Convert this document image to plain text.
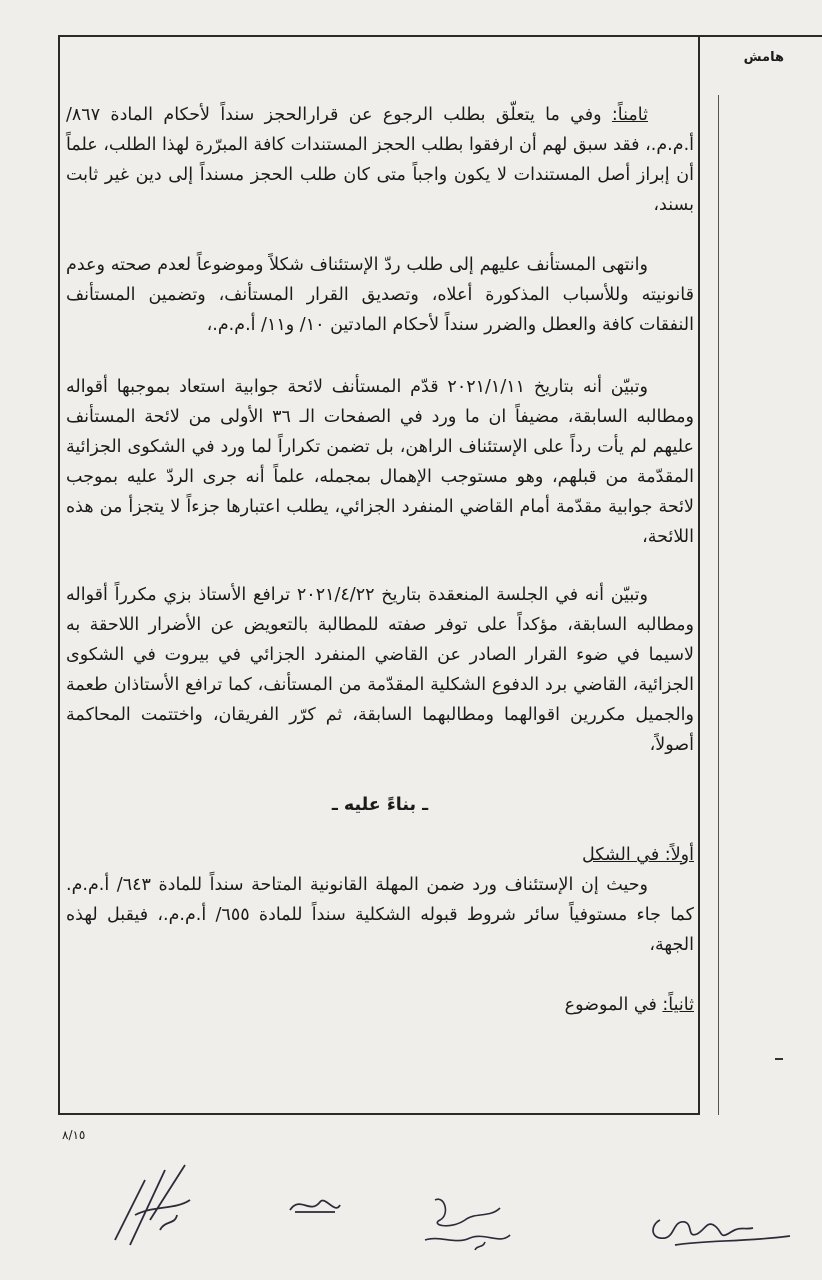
هامش

ثامناً: وفي ما يتعلّق بطلب الرجوع عن قرارالحجز سنداً لأحكام المادة ٨٦٧/ أ.م.م.، فقد سبق لهم أن ارفقوا بطلب الحجز المستندات كافة المبرّرة لهذا الطلب، علماً أن إبراز أصل المستندات لا يكون واجباً متى كان طلب الحجز مسنداً إلى دين غير ثابت بسند،

وانتهى المستأنف عليهم إلى طلب ردّ الإستئناف شكلاً وموضوعاً لعدم صحته وعدم قانونيته وللأسباب المذكورة أعلاه، وتصديق القرار المستأنف، وتضمين المستأنف النفقات كافة والعطل والضرر سنداً لأحكام المادتين ١٠/ و١١/ أ.م.م.،

وتبيّن أنه بتاريخ ٢٠٢١/١/١١ قدّم المستأنف لائحة جوابية استعاد بموجبها أقواله ومطالبه السابقة، مضيفاً ان ما ورد في الصفحات الـ ٣٦ الأولى من لائحة المستأنف عليهم لم يأت رداً على الإستئناف الراهن، بل تضمن تكراراً لما ورد في الشكوى الجزائية المقدّمة من قبلهم، وهو مستوجب الإهمال بمجمله، علماً أنه جرى الردّ عليه بموجب لائحة جوابية مقدّمة أمام القاضي المنفرد الجزائي، يطلب اعتبارها جزءاً لا يتجزأ من هذه اللائحة،

وتبيّن أنه في الجلسة المنعقدة بتاريخ ٢٠٢١/٤/٢٢ ترافع الأستاذ بزي مكرراً أقواله ومطالبه السابقة، مؤكداً على توفر صفته للمطالبة بالتعويض عن الأضرار اللاحقة به لاسيما في ضوء القرار الصادر عن القاضي المنفرد الجزائي في بيروت في الشكوى الجزائية، القاضي برد الدفوع الشكلية المقدّمة من المستأنف، كما ترافع الأستاذان طعمة والجميل مكررين اقوالهما ومطالبهما السابقة، ثم كرّر الفريقان، واختتمت المحاكمة أصولاً،

ـ بناءً عليه ـ

أولاً: في الشكل

وحيث إن الإستئناف ورد ضمن المهلة القانونية المتاحة سنداً للمادة ٦٤٣/ أ.م.م. كما جاء مستوفياً سائر شروط قبوله الشكلية سنداً للمادة ٦٥٥/ أ.م.م.، فيقبل لهذه الجهة،

ثانياً: في الموضوع

٨/١٥
